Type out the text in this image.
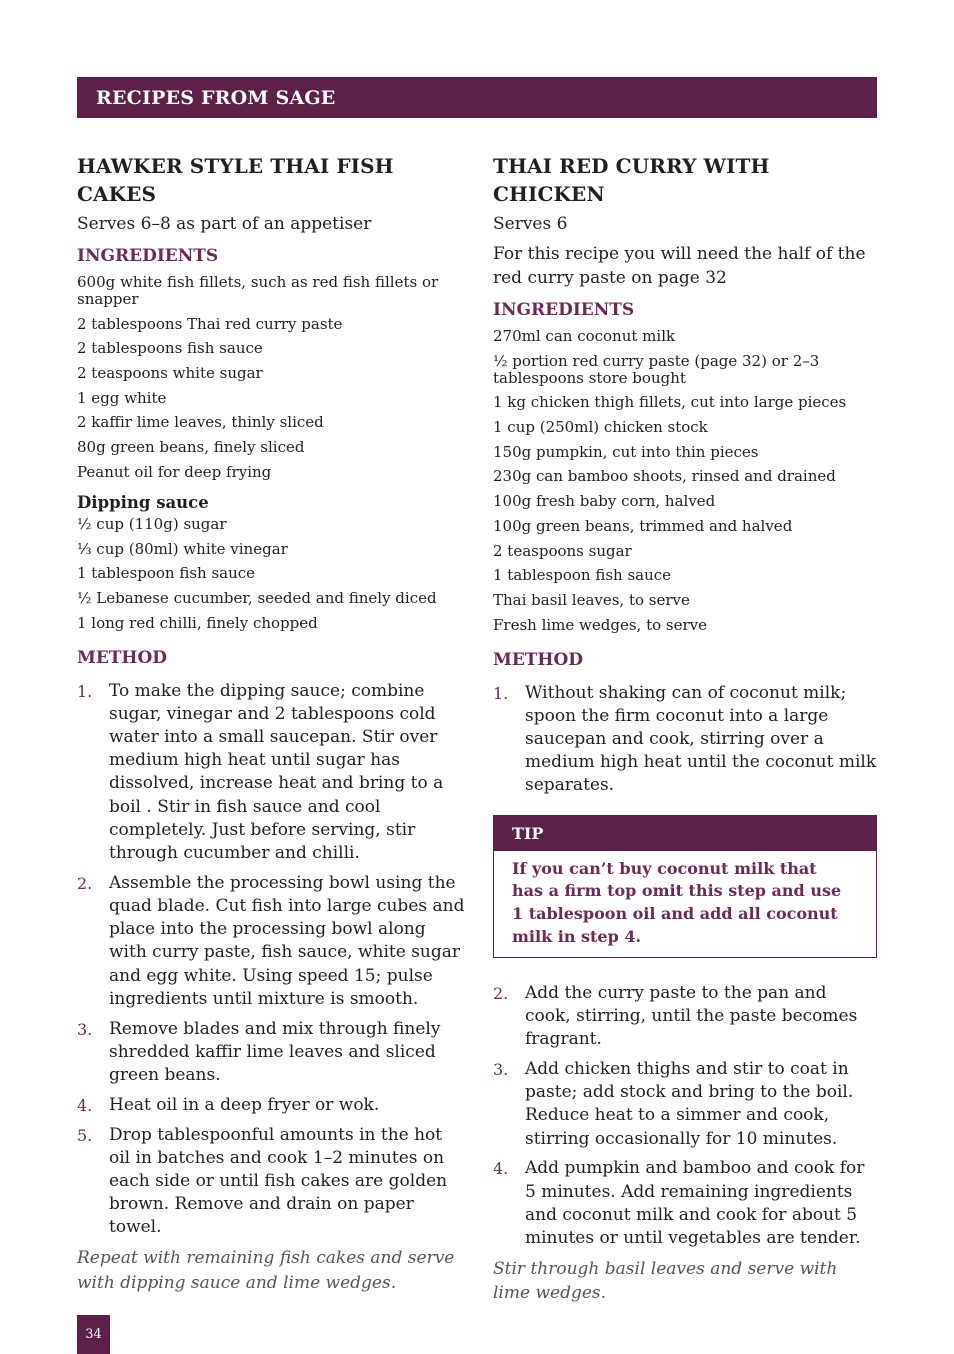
RECIPES FROM SAGE
HAWKER STYLE THAI FISH CAKES

Serves 6–8 as part of an appetiser

INGREDIENTS
600g white fish fillets, such as red fish fillets or snapper
2 tablespoons Thai red curry paste
2 tablespoons fish sauce
2 teaspoons white sugar
1 egg white
2 kaffir lime leaves, thinly sliced
80g green beans, finely sliced
Peanut oil for deep frying
Dipping sauce
½ cup (110g) sugar
⅓ cup (80ml) white vinegar
1 tablespoon fish sauce
½ Lebanese cucumber, seeded and finely diced
1 long red chilli, finely chopped
METHOD
1. To make the dipping sauce; combine sugar, vinegar and 2 tablespoons cold water into a small saucepan. Stir over medium high heat until sugar has dissolved, increase heat and bring to a boil . Stir in fish sauce and cool completely. Just before serving, stir through cucumber and chilli.
2. Assemble the processing bowl using the quad blade. Cut fish into large cubes and place into the processing bowl along with curry paste, fish sauce, white sugar and egg white. Using speed 15; pulse ingredients until mixture is smooth.
3. Remove blades and mix through finely shredded kaffir lime leaves and sliced green beans.
4. Heat oil in a deep fryer or wok.
5. Drop tablespoonful amounts in the hot oil in batches and cook 1–2 minutes on each side or until fish cakes are golden brown. Remove and drain on paper towel.

Repeat with remaining fish cakes and serve with dipping sauce and lime wedges.

THAI RED CURRY WITH CHICKEN

Serves 6

For this recipe you will need the half of the red curry paste on page 32

INGREDIENTS
270ml can coconut milk
½ portion red curry paste (page 32) or 2–3 tablespoons store bought
1 kg chicken thigh fillets, cut into large pieces
1 cup (250ml) chicken stock
150g pumpkin, cut into thin pieces
230g can bamboo shoots, rinsed and drained
100g fresh baby corn, halved
100g green beans, trimmed and halved
2 teaspoons sugar
1 tablespoon fish sauce
Thai basil leaves, to serve
Fresh lime wedges, to serve
METHOD
1. Without shaking can of coconut milk; spoon the firm coconut into a large saucepan and cook, stirring over a medium high heat until the coconut milk separates.
TIP
If you can’t buy coconut milk that has a firm top omit this step and use 1 tablespoon oil and add all coconut milk in step 4.
2. Add the curry paste to the pan and cook, stirring, until the paste becomes fragrant.
3. Add chicken thighs and stir to coat in paste; add stock and bring to the boil. Reduce heat to a simmer and cook, stirring occasionally for 10 minutes.
4. Add pumpkin and bamboo and cook for 5 minutes. Add remaining ingredients and coconut milk and cook for about 5 minutes or until vegetables are tender.

Stir through basil leaves and serve with lime wedges.

34
